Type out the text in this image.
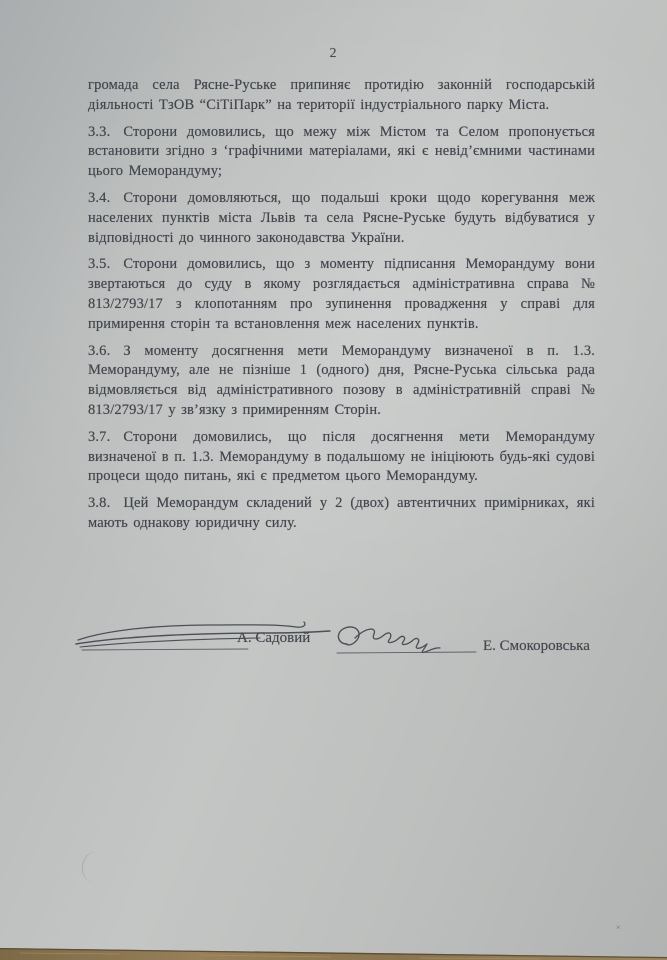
2

громада села Рясне-Руське припиняє протидію законній господарській діяльності ТзОВ “СіТіПарк” на території індустріального парку Міста.

3.3. Сторони домовились, що межу між Містом та Селом пропонується встановити згідно з ‘графічними матеріалами, які є невід’ємними частинами цього Меморандуму;

3.4. Сторони домовляються, що подальші кроки щодо корегування меж населених пунктів міста Львів та села Рясне-Руське будуть відбуватися у відповідності до чинного законодавства України.

3.5. Сторони домовились, що з моменту підписання Меморандуму вони звертаються до суду в якому розглядається адміністративна справа № 813/2793/17 з клопотанням про зупинення провадження у справі для примирення сторін та встановлення меж населених пунктів.

3.6. З моменту досягнення мети Меморандуму визначеної в п. 1.3. Меморандуму, але не пізніше 1 (одного) дня, Рясне-Руська сільська рада відмовляється від адміністративного позову в адміністративній справі № 813/2793/17 у зв’язку з примиренням Сторін.

3.7. Сторони домовились, що після досягнення мети Меморандуму визначеної в п. 1.3. Меморандуму в подальшому не ініціюють будь-які судові процеси щодо питань, які є предметом цього Меморандуму.

3.8. Цей Меморандум складений у 2 (двох) автентичних примірниках, які мають однакову юридичну силу.

А. Садовий	Е. Смокоровська
×
